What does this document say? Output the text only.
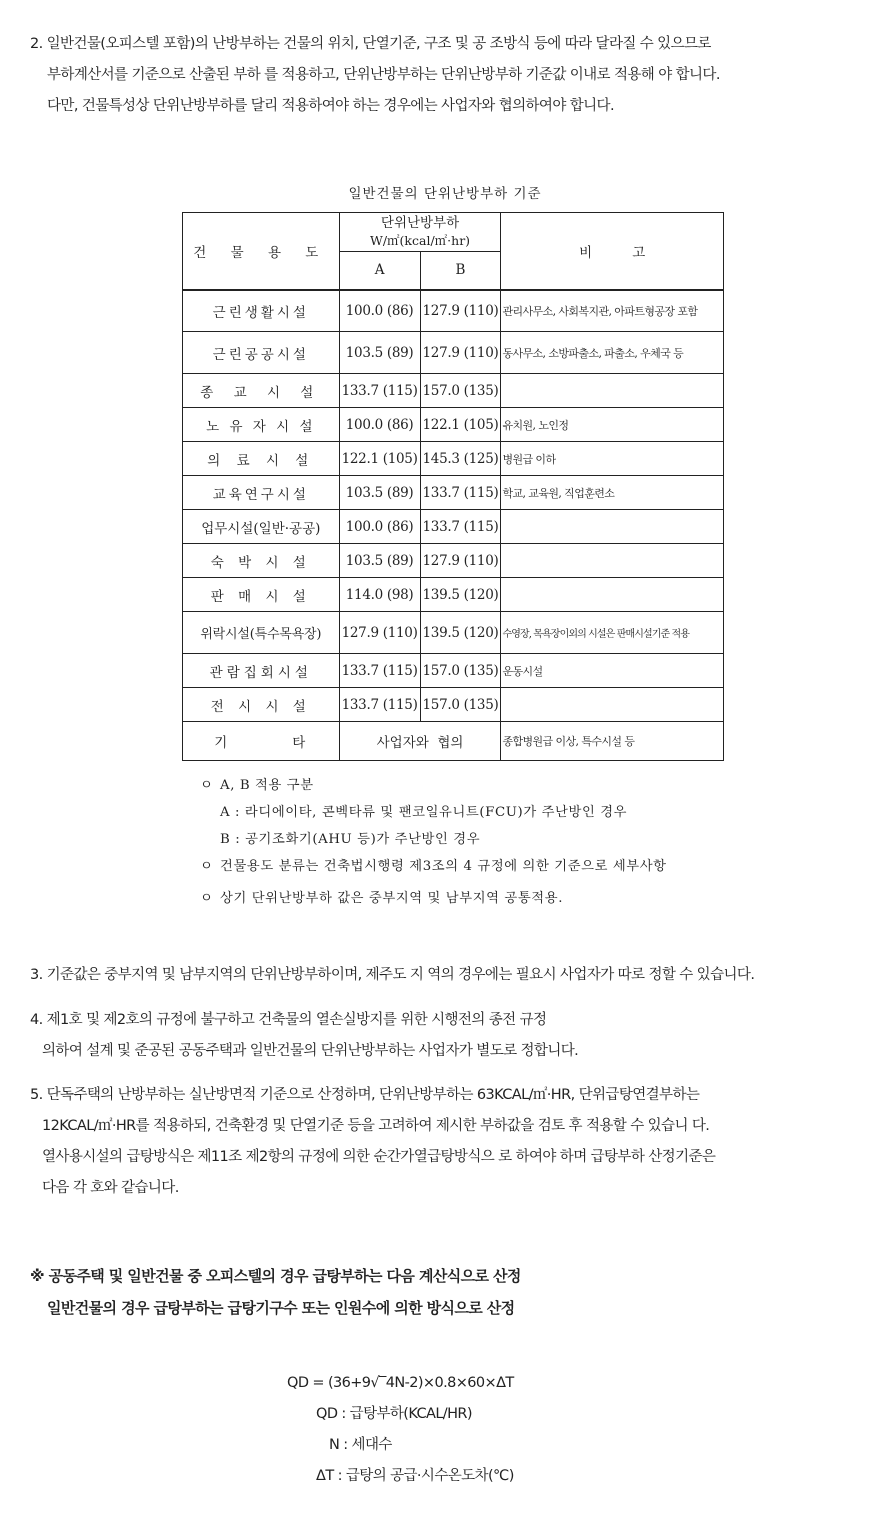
2. 일반건물(오피스텔 포함)의 난방부하는 건물의 위치, 단열기준, 구조 및 공 조방식 등에 따라 달라질 수 있으므로
부하계산서를 기준으로 산출된 부하 를 적용하고, 단위난방부하는 단위난방부하 기준값 이내로 적용해 야 합니다.
다만, 건물특성상 단위난방부하를 달리 적용하여야 하는 경우에는 사업자와 협의하여야 합니다.
일반건물의 단위난방부하 기준
건 물 용 도	단위난방부하
W/㎡(kcal/㎡·hr)		비고
	A	B	
근린생활시설	100.0 (86)	127.9 (110)	관리사무소, 사회복지관, 아파트형공장 포함
근린공공시설	103.5 (89)	127.9 (110)	동사무소, 소방파출소, 파출소, 우체국 등
종 교 시 설	133.7 (115)	157.0 (135)	
노 유 자 시 설	100.0 (86)	122.1 (105)	유치원, 노인정
의 료 시 설	122.1 (105)	145.3 (125)	병원급 이하
교육연구시설	103.5 (89)	133.7 (115)	학교, 교육원, 직업훈련소
업무시설(일반·공공)	100.0 (86)	133.7 (115)	
숙 박 시 설	103.5 (89)	127.9 (110)	
판 매 시 설	114.0 (98)	139.5 (120)	
위락시설(특수목욕장)	127.9 (110)	139.5 (120)	수영장, 목욕장이외의 시설은 판매시설기준 적용
관람집회시설	133.7 (115)	157.0 (135)	운동시설
전 시 시 설	133.7 (115)	157.0 (135)	
기          타	사업자와  협의		종합병원급 이상, 특수시설 등
ㅇ A, B 적용 구분
A : 라디에이타, 콘벡타류 및 팬코일유니트(FCU)가 주난방인 경우
B : 공기조화기(AHU 등)가 주난방인 경우
ㅇ 건물용도 분류는 건축법시행령 제3조의 4 규정에 의한 기준으로 세부사항
ㅇ 상기 단위난방부하 값은 중부지역 및 남부지역 공통적용.
3. 기준값은 중부지역 및 남부지역의 단위난방부하이며, 제주도 지 역의 경우에는 필요시 사업자가 따로 정할 수 있습니다.
4. 제1호 및 제2호의 규정에 불구하고 건축물의 열손실방지를 위한 시행전의 종전 규정
의하여 설계 및 준공된 공동주택과 일반건물의 단위난방부하는 사업자가 별도로 정합니다.
5. 단독주택의 난방부하는 실난방면적 기준으로 산정하며, 단위난방부하는 63KCAL/㎡·HR, 단위급탕연결부하는
12KCAL/㎡·HR를 적용하되, 건축환경 및 단열기준 등을 고려하여 제시한 부하값을 검토 후 적용할 수 있습니 다.
열사용시설의 급탕방식은 제11조 제2항의 규정에 의한 순간가열급탕방식으 로 하여야 하며 급탕부하 산정기준은
다음 각 호와 같습니다.
※ 공동주택 및 일반건물 중 오피스텔의 경우 급탕부하는 다음 계산식으로 산정
일반건물의 경우 급탕부하는 급탕기구수 또는 인원수에 의한 방식으로 산정
QD = (36+9√‾4N-2)×0.8×60×ΔT
QD : 급탕부하(KCAL/HR)
N : 세대수
ΔT : 급탕의 공급·시수온도차(℃)
